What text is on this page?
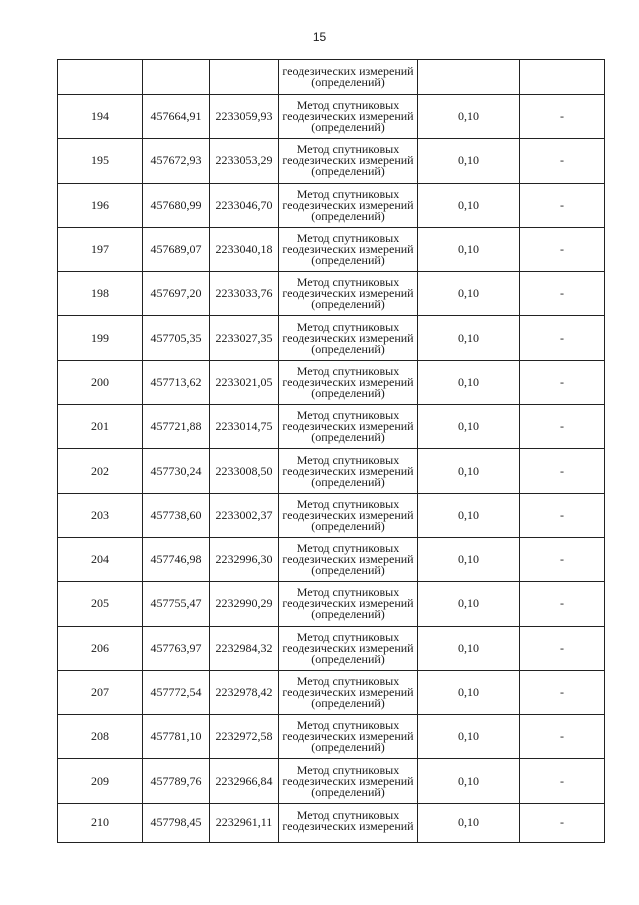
15
			геодезических измерений
(определений)		
194	457664,91	2233059,93	Метод спутниковых
геодезических измерений
(определений)	0,10	-
195	457672,93	2233053,29	Метод спутниковых
геодезических измерений
(определений)	0,10	-
196	457680,99	2233046,70	Метод спутниковых
геодезических измерений
(определений)	0,10	-
197	457689,07	2233040,18	Метод спутниковых
геодезических измерений
(определений)	0,10	-
198	457697,20	2233033,76	Метод спутниковых
геодезических измерений
(определений)	0,10	-
199	457705,35	2233027,35	Метод спутниковых
геодезических измерений
(определений)	0,10	-
200	457713,62	2233021,05	Метод спутниковых
геодезических измерений
(определений)	0,10	-
201	457721,88	2233014,75	Метод спутниковых
геодезических измерений
(определений)	0,10	-
202	457730,24	2233008,50	Метод спутниковых
геодезических измерений
(определений)	0,10	-
203	457738,60	2233002,37	Метод спутниковых
геодезических измерений
(определений)	0,10	-
204	457746,98	2232996,30	Метод спутниковых
геодезических измерений
(определений)	0,10	-
205	457755,47	2232990,29	Метод спутниковых
геодезических измерений
(определений)	0,10	-
206	457763,97	2232984,32	Метод спутниковых
геодезических измерений
(определений)	0,10	-
207	457772,54	2232978,42	Метод спутниковых
геодезических измерений
(определений)	0,10	-
208	457781,10	2232972,58	Метод спутниковых
геодезических измерений
(определений)	0,10	-
209	457789,76	2232966,84	Метод спутниковых
геодезических измерений
(определений)	0,10	-
210	457798,45	2232961,11	Метод спутниковых
геодезических измерений	0,10	-
